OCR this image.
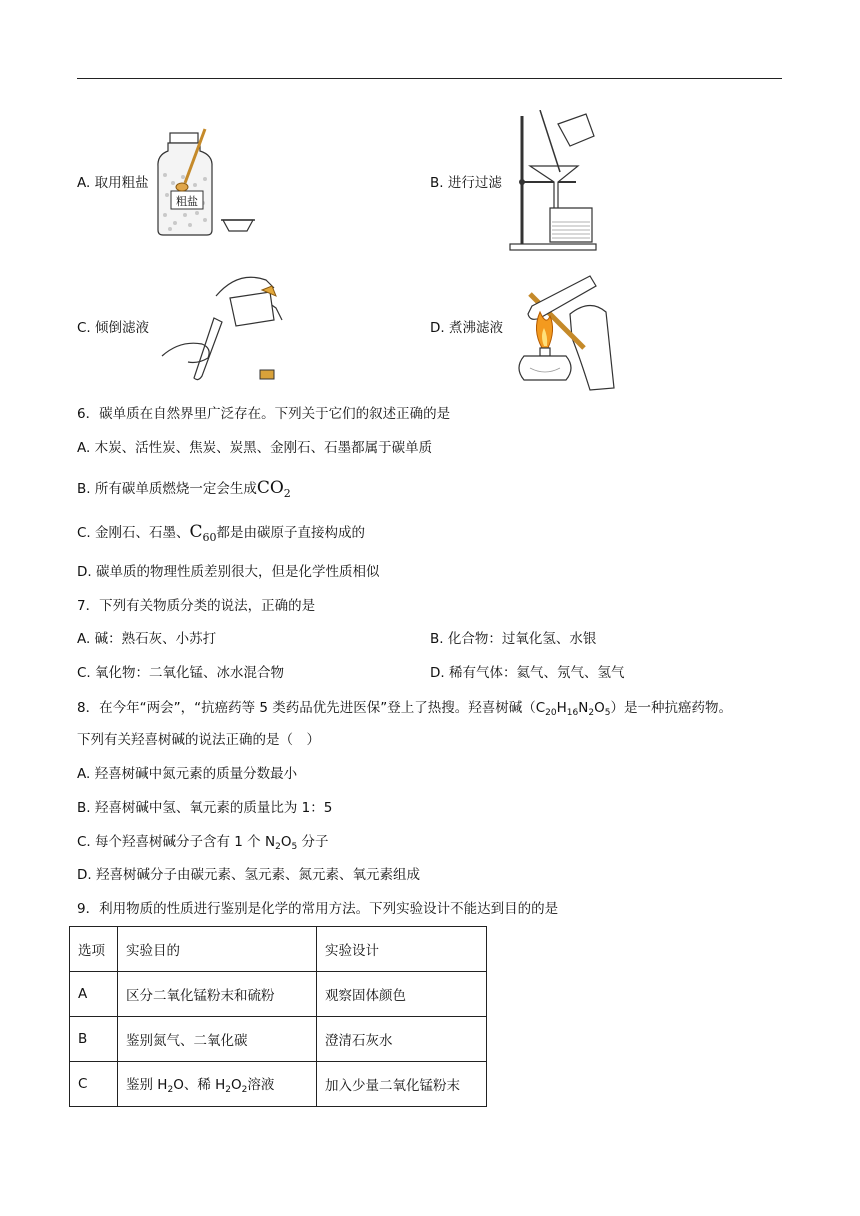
A. 取用粗盐
粗盐
B. 进行过滤
C. 倾倒滤液	D. 煮沸滤液
6．碳单质在自然界里广泛存在。下列关于它们的叙述正确的是
A. 木炭、活性炭、焦炭、炭黑、金刚石、石墨都属于碳单质
B. 所有碳单质燃烧一定会生成$CO_2$
C. 金刚石、石墨、$C_{60}$都是由碳原子直接构成的
D. 碳单质的物理性质差别很大，但是化学性质相似
7．下列有关物质分类的说法，正确的是
A. 碱：熟石灰、小苏打	B. 化合物：过氧化氢、水银
C. 氧化物：二氧化锰、冰水混合物	D. 稀有气体：氦气、氖气、氢气
8．在今年“两会”，“抗癌药等 5 类药品优先进医保”登上了热搜。羟喜树碱$(C_{20}H_{16}N_2O_5)$是一种抗癌药物。
下列有关羟喜树碱的说法正确的是（　）
A. 羟喜树碱中氮元素的质量分数最小
B. 羟喜树碱中氢、氧元素的质量比为 1：5
C. 每个羟喜树碱分子含有 1 个 $N_2O_5$ 分子
D. 羟喜树碱分子由碳元素、氢元素、氮元素、氧元素组成
9．利用物质的性质进行鉴别是化学的常用方法。下列实验设计不能达到目的的是
选项	实验目的	实验设计
A	区分二氧化锰粉末和硫粉	观察固体颜色
B	鉴别氮气、二氧化碳	澄清石灰水
C	鉴别 $H_2O$、稀 $H_2O_2$溶液	加入少量二氧化锰粉末
